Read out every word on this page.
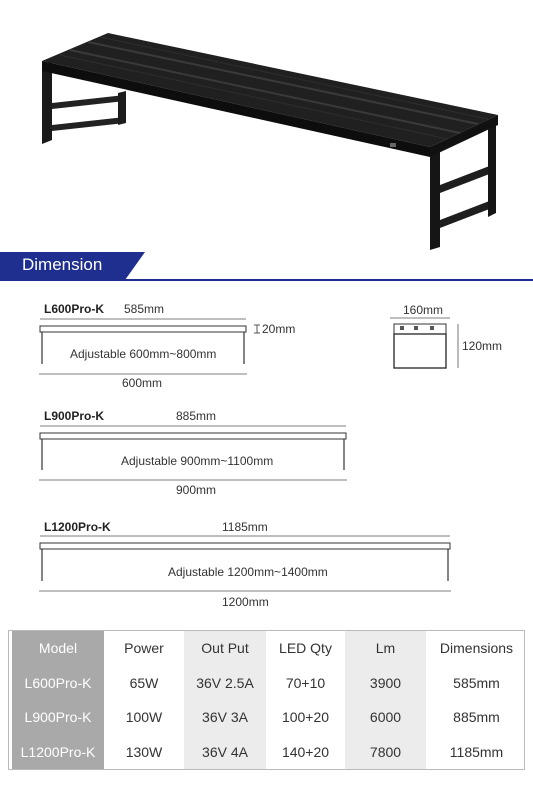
Dimension
L600Pro-K 585mm
20mm
Adjustable 600mm~800mm
600mm
160mm
120mm
L900Pro-K	885mm
Adjustable 900mm~1100mm
900mm
L1200Pro-K	1185mm
Adjustable 1200mm~1400mm
1200mm
Model	Power	Out Put	LED Qty	Lm	Dimensions
L600Pro-K	65W	36V 2.5A	70+10	3900	585mm
L900Pro-K	100W	36V 3A	100+20	6000	885mm
L1200Pro-K	130W	36V 4A	140+20	7800	1185mm
